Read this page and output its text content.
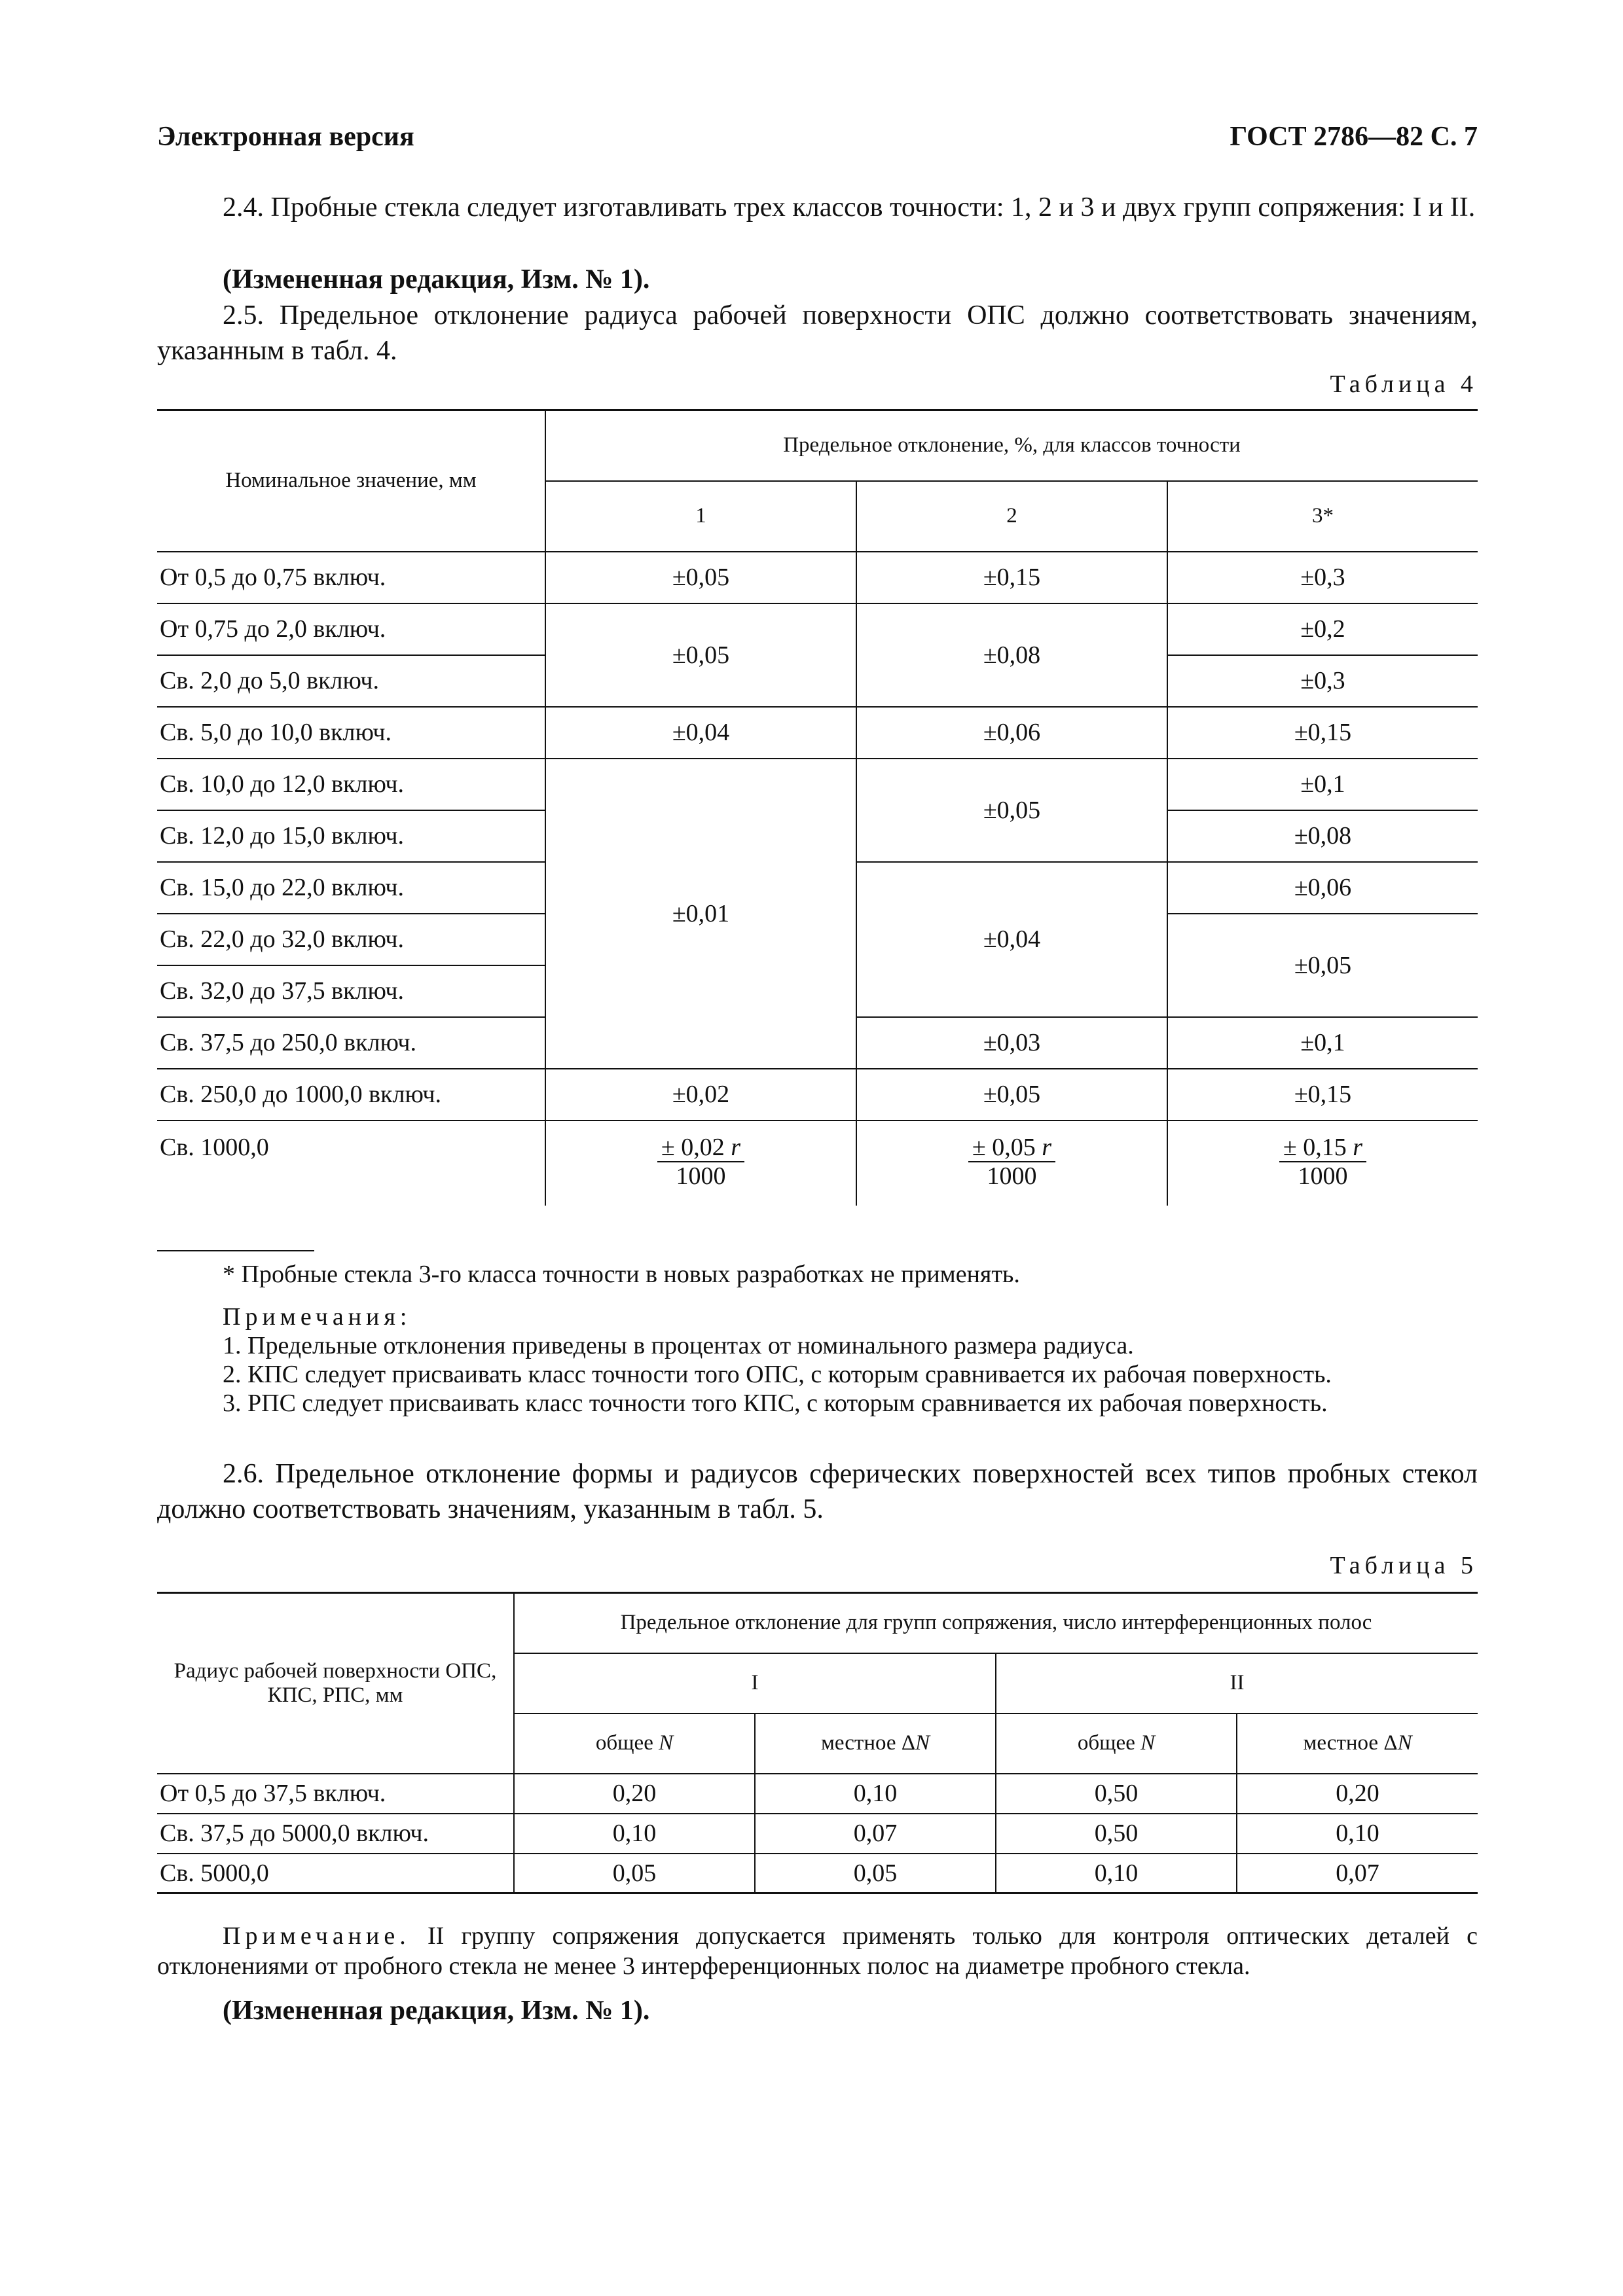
Электронная версия	ГОСТ 2786—82 С. 7

2.4. Пробные стекла следует изготавливать трех классов точности: 1, 2 и 3 и двух групп сопряжения: I и II.

(Измененная редакция, Изм. № 1).

2.5. Предельное отклонение радиуса рабочей поверхности ОПС должно соответствовать значениям, указанным в табл. 4.

Таблица 4
Номинальное значение, мм	Предельное отклонение, %, для классов точности		
	1	2	3*
От 0,5 до 0,75 включ.	±0,05	±0,15	±0,3
От 0,75 до 2,0 включ.	±0,05	±0,08	±0,2
Св. 2,0 до 5,0 включ.			±0,3
Св. 5,0 до 10,0 включ.	±0,04	±0,06	±0,15
Св. 10,0 до 12,0 включ.	±0,01	±0,05	±0,1
Св. 12,0 до 15,0 включ.			±0,08
Св. 15,0 до 22,0 включ.		±0,04	±0,06
Св. 22,0 до 32,0 включ.			±0,05
Св. 32,0 до 37,5 включ.			
Св. 37,5 до 250,0 включ.		±0,03	±0,1
Св. 250,0 до 1000,0 включ.	±0,02	±0,05	±0,15
Св. 1000,0	$\frac{\pm 0,02 r}{1000}$	$\frac{\pm 0,05 r}{1000}$	$\frac{\pm 0,15 r}{1000}$

* Пробные стекла 3-го класса точности в новых разработках не применять.

Примечания:

1. Предельные отклонения приведены в процентах от номинального размера радиуса.

2. КПС следует присваивать класс точности того ОПС, с которым сравнивается их рабочая поверхность.

3. РПС следует присваивать класс точности того КПС, с которым сравнивается их рабочая поверхность.

2.6. Предельное отклонение формы и радиусов сферических поверхностей всех типов пробных стекол должно соответствовать значениям, указанным в табл. 5.

Таблица 5
Радиус рабочей поверхности ОПС, КПС, РПС, мм	Предельное отклонение для групп сопряжения, число интерференционных полос			
	I		II	
	общее N	местное ΔN	общее N	местное ΔN
От 0,5 до 37,5 включ.	0,20	0,10	0,50	0,20
Св. 37,5 до 5000,0 включ.	0,10	0,07	0,50	0,10
Св. 5000,0	0,05	0,05	0,10	0,07

Примечание. II группу сопряжения допускается применять только для контроля оптических деталей с отклонениями от пробного стекла не менее 3 интерференционных полос на диаметре пробного стекла.

(Измененная редакция, Изм. № 1).
